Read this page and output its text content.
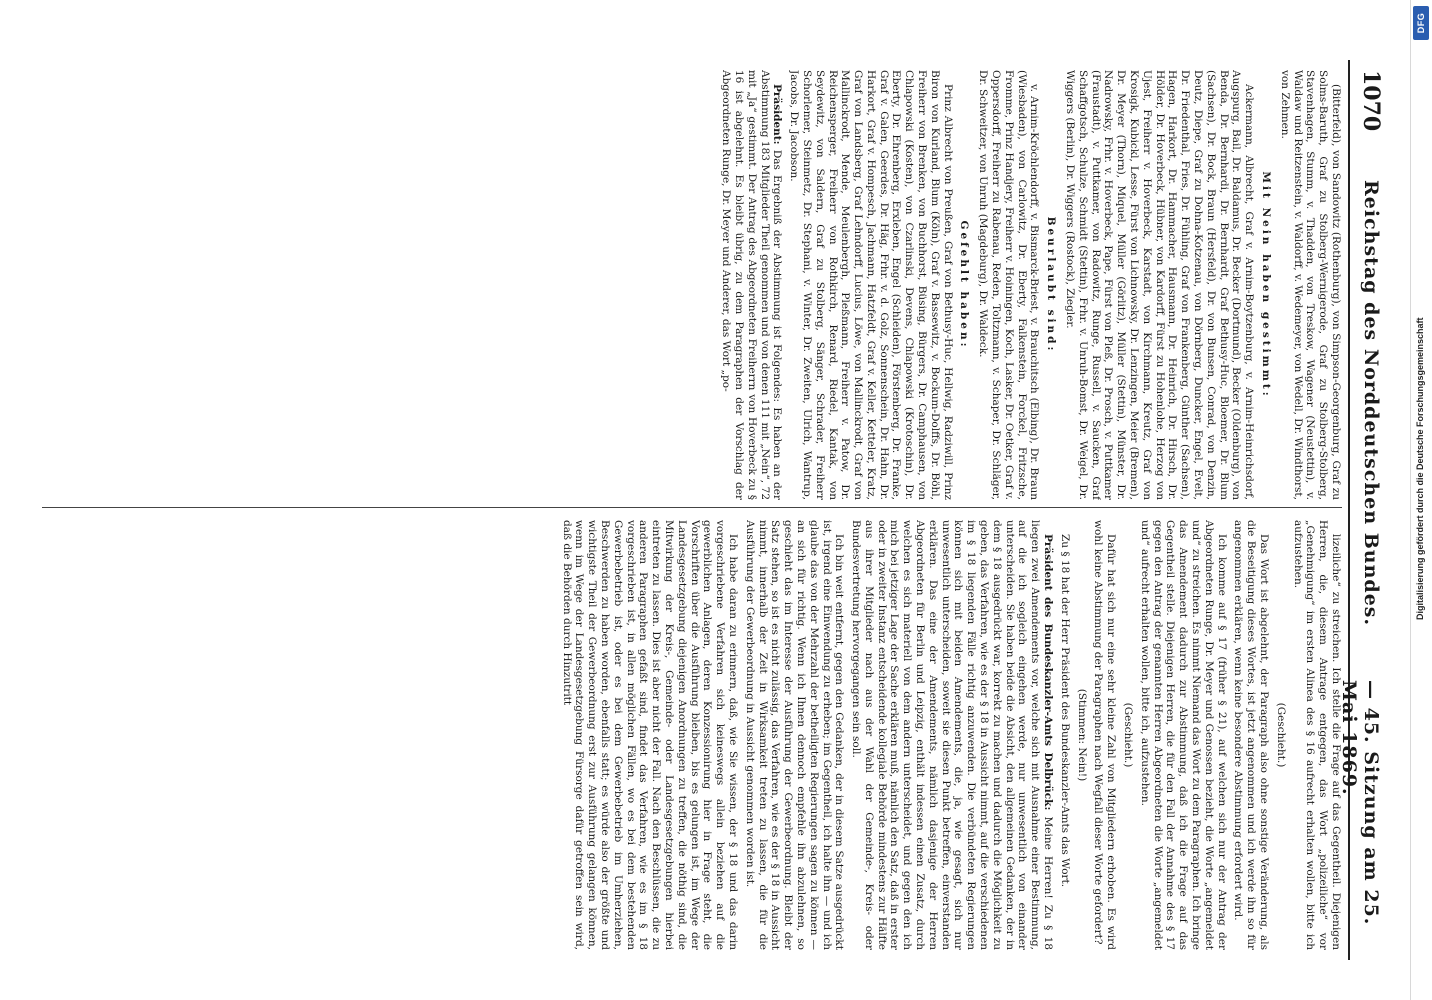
DFG
Digitalisierung gefördert durch die Deutsche Forschungsgemeinschaft
1070
Reichstag des Norddeutschen Bundes.
— 45. Sitzung am 25. Mai 1869.

(Bitterfeld), von Sandowitz (Rothenburg), von Simpson-Georgenburg, Graf zu Solms-Baruth, Graf zu Stolberg-Wernigerode, Graf zu Stolberg-Stolberg, Stavenhagen, Stumm, v. Thadden, von Treskow, Wagener (Neustettin), v. Waldaw und Reitzenstein, v. Waldorff, v. Wedemeyer, von Wedell, Dr. Windthorst, von Zehmen.

Mit Nein haben gestimmt:

Ackermann, Albrecht, Graf v. Arnim-Boytzenburg, v. Arnim-Heinrichsdorf, Augspurg, Bail, Dr. Baldamus, Dr. Becker (Dortmund), Becker (Oldenburg), von Benda, Dr. Bernhardi, Dr. Bernhardt, Graf Bethusy-Huc, Bloemer, Dr. Blum (Sachsen), Dr. Bock, Braun (Hersfeld), Dr. von Bunsen, Conrad, von Denzin, Deutz, Diepe, Graf zu Dohna-Kotzenau, von Dörnberg, Duncker, Engel, Evelt, Dr. Friedenthal, Fries, Dr. Fühling, Graf von Frankenberg, Günther (Sachsen), Hagen, Harkort, Dr. Hammacher, Hausmann, Dr. Heinrich, Dr. Hirsch, Dr. Hölder, Dr. Hoverbeck, Hübner, von Kardorff, Fürst zu Hohenlohe, Herzog von Ujest, Freiherr v. Hoverbeck, Karstadt, von Kirchmann, Kreutz, Graf von Krosigk, Kubickl, Lesse, Fürst von Lichnowsky, Dr. Lenzingen, Meier (Bremen), Dr. Meyer (Thorn), Miquel, Müller (Görlitz), Müller (Stettin), Münster, Dr. Nadrowsky, Frhr. v. Hoverbeck, Pape, Fürst von Pleß, Dr. Prosch, v. Puttkamer (Fraustadt), v. Puttkamer, von Radowitz, Runge, Russell, v. Saucken, Graf Schaffgotsch, Schulze, Schmidt (Stettin), Frhr. v. Unruh-Bomst, Dr. Weigel, Dr. Wiggers (Berlin), Dr. Wiggers (Rostock), Ziegler.

Beurlaubt sind:

v. Arnim-Kröchlendorff, v. Bismarck-Briest, v. Brauchitsch (Elbing), Dr. Braun (Wiesbaden), von Carlowitz, Dr. Eberty, Falkenstein, Forckel, Fritzsche, Fromme, Prinz Handjery, Freiherr v. Hoiningen, Koch, Lasker, Dr. Oetker, Graf v. Oppersdorff, Freiherr zu Rabenau, Reden, Toltzmann, v. Schaper, Dr. Schläger, Dr. Schweitzer, von Unruh (Magdeburg), Dr. Waldeck.

Gefehlt haben:

Prinz Albrecht von Preußen, Graf von Bethusy-Huc, Hellwig, Radziwill, Prinz Biron von Kurland, Blum (Köln), Graf v. Bassewitz, v. Bockum-Dolffs, Dr. Böhl, Freiherr von Brenken, von Buchhorst, Büsing, Bürgers, Dr. Camphausen, von Chlapowski (Kosten), von Czarlinski, Devens, Chlapowski (Krotoschin), Dr. Eberty, Dr. Ehrenberg, Erxleben, Engel (Schleiden), Förstenberg, Dr. Franke, Graf v. Galen, Geerdes, Dr. Häg, Frhr. v. d. Golz, Sonnenschein, Dr. Hahn, Dr. Harkort, Graf v. Hompesch, Jachmann, Hatzfeldt, Graf v. Keller, Ketteler, Kratz, Graf von Landsberg, Graf Lehndorff, Lucius, Löwe, von Mallinckrodt, Graf von Mallinckrodt, Mende, Meulenbergh, Pleßmann, Freiherr v. Patow, Dr. Reichensperger, Freiherr von Rothkirch, Renard, Riedel, Kantak, von Seydewitz, von Saldern, Graf zu Stolberg, Sänger, Schrader, Freiherr Schorlemer, Steinmetz, Dr. Stephani, v. Winter, Dr. Zweiten, Ulrich, Wantrup, Jacobs, Dr. Jacobson.

Präsident: Das Ergebniß der Abstimmung ist Folgendes: Es haben an der Abstimmung 183 Mitglieder Theil genommen und von denen 111 mit „Nein“, 72 mit „Ja“ gestimmt. Der Antrag des Abgeordneten Freiherrn von Hoverbeck zu § 16 ist abgelehnt. Es bleibt übrig, zu dem Paragraphen der Vorschlag der Abgeordneten Runge, Dr. Meyer und Anderer, das Wort „po-

lizeiliche“ zu streichen. Ich stelle die Frage auf das Gegentheil. Diejenigen Herren, die, diesem Antrage entgegen, das Wort „polizeiliche“ vor „Genehmigung“ im ersten Alinea des § 16 aufrecht erhalten wollen, bitte ich aufzustehen.

(Geschieht.)

Das Wort ist abgelehnt, der Paragraph also ohne sonstige Veränderung, als die Beseitigung dieses Wortes, ist jetzt angenommen und ich werde ihn so für angenommen erklären, wenn keine besondere Abstimmung erfordert wird.

Ich komme auf § 17 (früher § 21), auf welchen sich nur der Antrag der Abgeordneten Runge, Dr. Meyer und Genossen bezieht, die Worte „angemeldet und“ zu streichen. Es nimmt Niemand das Wort zu dem Paragraphen. Ich bringe das Amendement dadurch zur Abstimmung, daß ich die Frage auf das Gegentheil stelle. Diejenigen Herren, die für den Fall der Annahme des § 17 gegen den Antrag der genannten Herren Abgeordneten die Worte „angemeldet und“ aufrecht erhalten wollen, bitte ich, aufzustehen.

(Geschieht.)

Dafür hat sich nur eine sehr kleine Zahl von Mitgliedern erhoben. Es wird wohl keine Abstimmung der Paragraphen nach Wegfall dieser Worte gefordert?

(Stimmen: Nein!)

Zu § 18 hat der Herr Präsident des Bundeskanzler-Amts das Wort.

Präsident des Bundeskanzler-Amts Delbrück: Meine Herren! Zu § 18 liegen zwei Amendements vor, welche sich mit Ausnahme einer Bestimmung, auf die ich sogleich eingehen werde, nur unwesentlich von einander unterscheiden. Sie haben beide die Absicht, den allgemeinen Gedanken, der in dem § 18 ausgedrückt war, korrekt zu machen und dadurch die Möglichkeit zu geben, das Verfahren, wie es der § 18 in Aussicht nimmt, auf die verschiedenen im § 18 liegenden Fälle richtig anzuwenden. Die verbündeten Regierungen können sich mit beiden Amendements, die, ja, wie gesagt, sich nur unwesentlich unterscheiden, soweit sie diesen Punkt betreffen, einverstanden erklären. Das eine der Amendements, nämlich dasjenige der Herren Abgeordneten für Berlin und Leipzig, enthält indessen einen Zusatz, durch welchen es sich materiell von dem andern unterscheidet, und gegen den ich mich bei jetziger Lage der Sache erklären muß, nämlich den Satz, daß in erster oder in zweiter Instanz entscheidende kollegiale Behörde mindestens zur Hälfte aus ihrer Mitglieder nach aus der Wahl der Gemeinde-, Kreis- oder Bundesvertretung hervorgegangen sein soll.

Ich bin weit entfernt, gegen den Gedanken, der in diesem Satze ausgedrückt ist, irgend eine Einwendung zu erheben; im Gegentheil, ich halte ihn — und ich glaube das von der Mehrzahl der betheiligten Regierungen sagen zu können — an sich für richtig. Wenn ich Ihnen dennoch empfehle ihn abzulehnen, so geschieht das im Interesse der Ausführung der Gewerbeordnung. Bleibt der Satz stehen, so ist es nicht zulässig, das Verfahren, wie es der § 18 in Aussicht nimmt, innerhalb der Zeit in Wirksamkeit treten zu lassen, die für die Ausführung der Gewerbeordnung in Aussicht genommen worden ist.

Ich habe daran zu erinnern, daß, wie Sie wissen, der § 18 und das darin vorgeschriebene Verfahren sich keineswegs allein beziehen auf die gewerblichen Anlagen, deren Konzessionirung hier in Frage steht, die Vorschriften über die Ausführung bleiben, bis es gelungen ist, im Wege der Landesgesetzgebung diejenigen Anordnungen zu treffen, die nöthig sind, die Mitwirkung der Kreis-, Gemeinde- oder Landesgesetzgebungen hierbei eintreten zu lassen. Dies ist aber nicht der Fall. Nach den Beschlüssen, die zu anderen Paragraphen gefaßt sind, findet das Verfahren, wie es im § 18 vorgeschrieben ist, in allen möglichen Fällen, wo es bei dem bestehenden Gewerbebetrieb ist, oder es bei dem Gewerbebetrieb im Umherziehen, Beschwerden zu haben worden, ebenfalls statt; es würde also der größte und wichtigste Theil der Gewerbeordnung erst zur Ausführung gelangen können, wenn im Wege der Landesgesetzgebung Fürsorge dafür getroffen sein wird, daß die Behörden durch Hinzutritt
